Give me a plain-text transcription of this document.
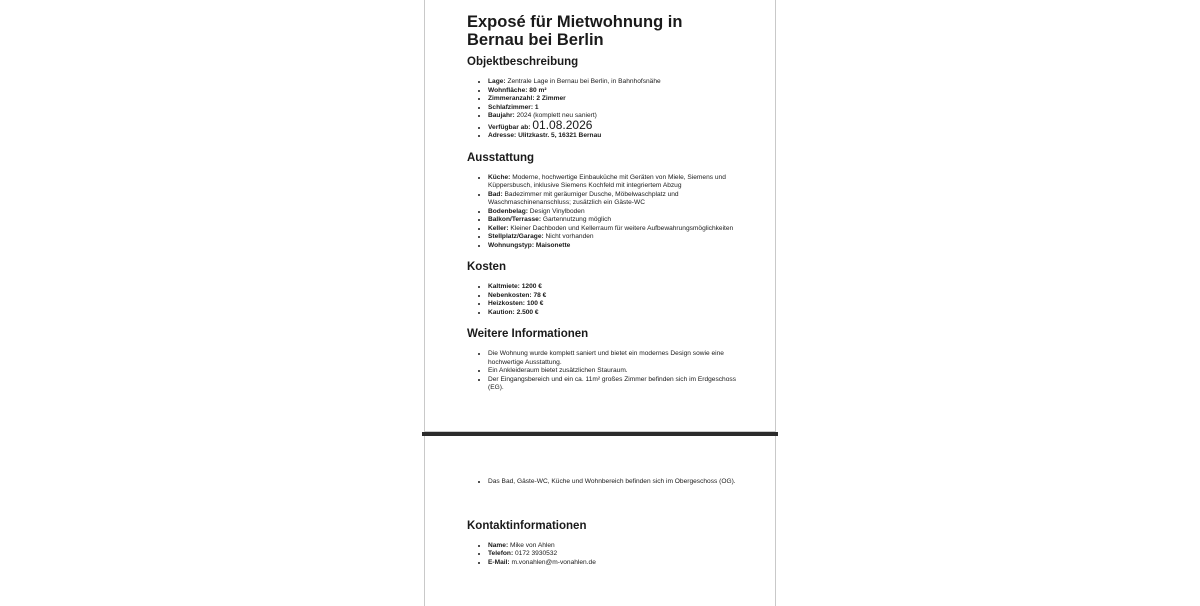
Exposé für Mietwohnung in Bernau bei Berlin
Objektbeschreibung
• Lage: Zentrale Lage in Bernau bei Berlin, in Bahnhofsnähe
• Wohnfläche: 80 m²
• Zimmeranzahl: 2 Zimmer
• Schlafzimmer: 1
• Baujahr: 2024 (komplett neu saniert)
• Verfügbar ab: 01.08.2026
• Adresse: Ulitzkastr. 5, 16321 Bernau
Ausstattung
• Küche: Moderne, hochwertige Einbauküche mit Geräten von Miele, Siemens und Küppersbusch, inklusive Siemens Kochfeld mit integriertem Abzug
• Bad: Badezimmer mit geräumiger Dusche, Möbelwaschplatz und Waschmaschinenanschluss; zusätzlich ein Gäste-WC
• Bodenbelag: Design Vinylboden
• Balkon/Terrasse: Gartennutzung möglich
• Keller: Kleiner Dachboden und Kellerraum für weitere Aufbewahrungsmöglichkeiten
• Stellplatz/Garage: Nicht vorhanden
• Wohnungstyp: Maisonette
Kosten
• Kaltmiete: 1200 €
• Nebenkosten: 78 €
• Heizkosten: 100 €
• Kaution: 2.500 €
Weitere Informationen
• Die Wohnung wurde komplett saniert und bietet ein modernes Design sowie eine hochwertige Ausstattung.
• Ein Ankleideraum bietet zusätzlichen Stauraum.
• Der Eingangsbereich und ein ca. 11m² großes Zimmer befinden sich im Erdgeschoss (EG).
• Das Bad, Gäste-WC, Küche und Wohnbereich befinden sich im Obergeschoss (OG).
Kontaktinformationen
• Name: Mike von Ahlen
• Telefon: 0172 3930532
• E-Mail: m.vonahlen@m-vonahlen.de
